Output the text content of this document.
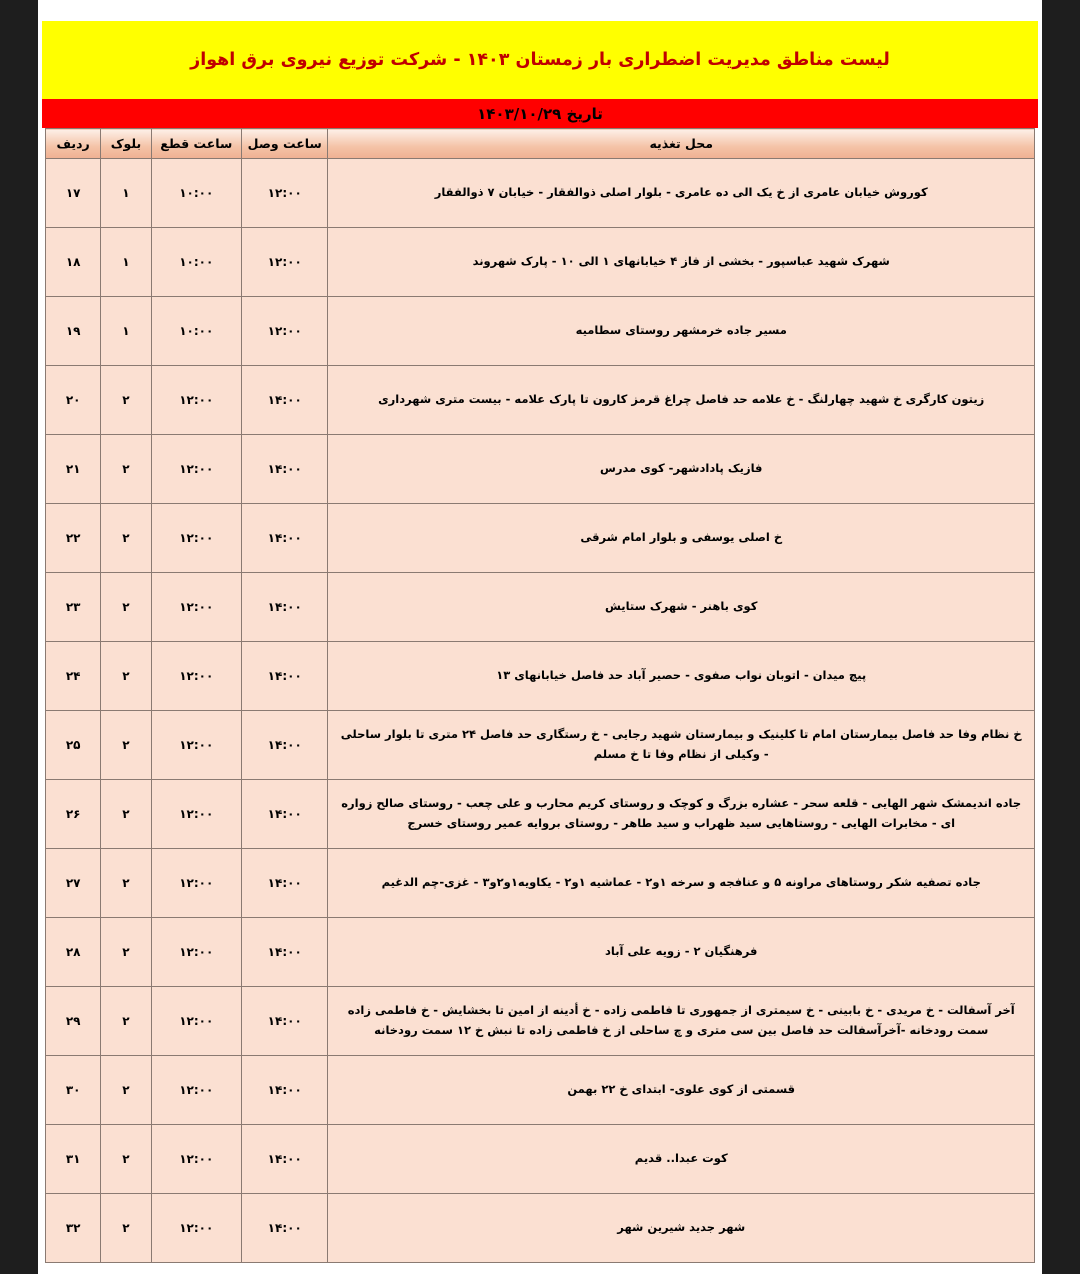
لیست مناطق مدیریت اضطراری بار زمستان ۱۴۰۳ - شرکت توزیع نیروی برق اهواز
تاریخ ۱۴۰۳/۱۰/۲۹
محل تغذیه	ساعت وصل	ساعت قطع	بلوک	ردیف
کوروش خیابان عامری از خ یک الی ده عامری - بلوار اصلی ذوالفقار - خیابان ۷ ذوالفقار	۱۲:۰۰	۱۰:۰۰	۱	۱۷
شهرک شهید عباسپور - بخشی از فاز ۴ خیابانهای ۱ الی ۱۰ - پارک شهروند	۱۲:۰۰	۱۰:۰۰	۱	۱۸
مسیر جاده خرمشهر روستای سطامیه	۱۲:۰۰	۱۰:۰۰	۱	۱۹
زیتون کارگری خ شهید چهارلنگ - خ علامه حد فاصل چراغ قرمز کارون تا پارک علامه - بیست متری شهرداری	۱۴:۰۰	۱۲:۰۰	۲	۲۰
فازیک پادادشهر- کوی مدرس	۱۴:۰۰	۱۲:۰۰	۲	۲۱
خ اصلی یوسفی و بلوار امام شرقی	۱۴:۰۰	۱۲:۰۰	۲	۲۲
کوی باهنر - شهرک ستایش	۱۴:۰۰	۱۲:۰۰	۲	۲۳
پیچ میدان - اتوبان نواب صفوی - حصیر آباد حد فاصل خیابانهای ۱۳	۱۴:۰۰	۱۲:۰۰	۲	۲۴
خ نظام وفا حد فاصل بیمارستان امام تا کلینیک و بیمارستان شهید رجایی - خ رستگاری حد فاصل ۲۴ متری تا بلوار ساحلی - وکیلی از نظام وفا تا خ مسلم	۱۴:۰۰	۱۲:۰۰	۲	۲۵
جاده اندیمشک شهر الهایی - قلعه سحر - عشاره بزرگ و کوچک و روستای کریم محارب و علی چعب - روستای صالح زواره ای - مخابرات الهایی - روستاهایی سید ظهراب و سید طاهر - روستای بروایه عمیر روستای خسرج	۱۴:۰۰	۱۲:۰۰	۲	۲۶
جاده تصفیه شکر روستاهای مراونه ۵ و عنافجه و سرخه ۱و۲ - عماشیه ۱و۲ - یکاویه۱و۲و۳ - غزی-چم الدغیم	۱۴:۰۰	۱۲:۰۰	۲	۲۷
فرهنگیان ۲ - زویه علی آباد	۱۴:۰۰	۱۲:۰۰	۲	۲۸
آخر آسفالت - خ مریدی - خ بابینی - خ سیمتری از جمهوری تا فاطمی زاده - خ أدینه از امین تا بخشایش - خ فاطمی زاده سمت رودخانه -آخرآسفالت حد فاصل بین سی متری و چ ساحلی از خ فاطمی زاده تا نبش خ ۱۲ سمت رودخانه	۱۴:۰۰	۱۲:۰۰	۲	۲۹
قسمتی از کوی علوی- ابتدای خ ۲۲ بهمن	۱۴:۰۰	۱۲:۰۰	۲	۳۰
کوت عبدا.. قدیم	۱۴:۰۰	۱۲:۰۰	۲	۳۱
شهر جدید شیرین شهر	۱۴:۰۰	۱۲:۰۰	۲	۳۲
